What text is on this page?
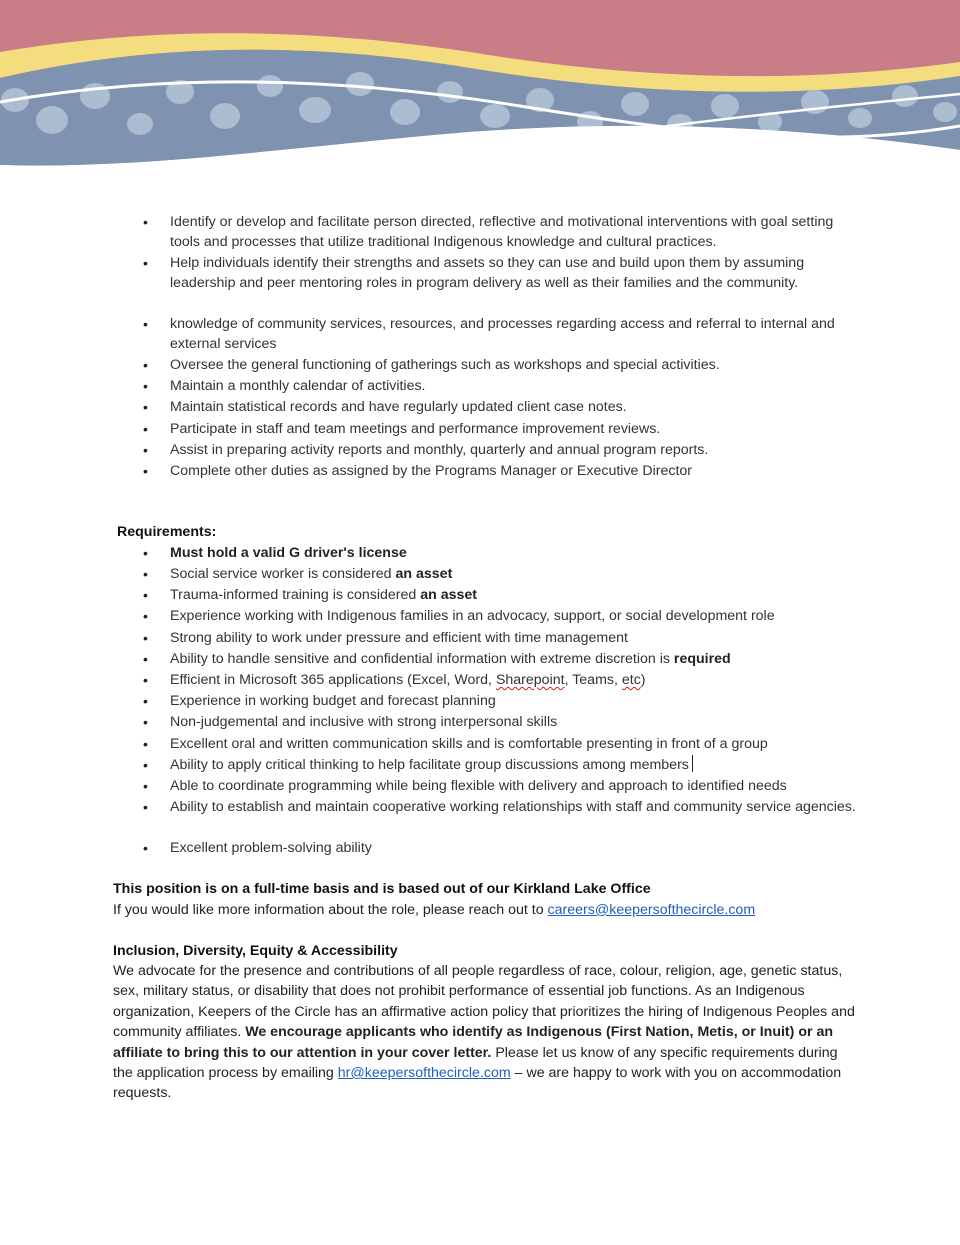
• Identify or develop and facilitate person directed, reflective and motivational interventions with goal setting tools and processes that utilize traditional Indigenous knowledge and cultural practices.
• Help individuals identify their strengths and assets so they can use and build upon them by assuming leadership and peer mentoring roles in program delivery as well as their families and the community.
• knowledge of community services, resources, and processes regarding access and referral to internal and external services
• Oversee the general functioning of gatherings such as workshops and special activities.
• Maintain a monthly calendar of activities.
• Maintain statistical records and have regularly updated client case notes.
• Participate in staff and team meetings and performance improvement reviews.
• Assist in preparing activity reports and monthly, quarterly and annual program reports.
• Complete other duties as assigned by the Programs Manager or Executive Director
Requirements:
• Must hold a valid G driver's license
• Social service worker is considered an asset
• Trauma-informed training is considered an asset
• Experience working with Indigenous families in an advocacy, support, or social development role
• Strong ability to work under pressure and efficient with time management
• Ability to handle sensitive and confidential information with extreme discretion is required
• Efficient in Microsoft 365 applications (Excel, Word, Sharepoint, Teams, etc)
• Experience in working budget and forecast planning
• Non-judgemental and inclusive with strong interpersonal skills
• Excellent oral and written communication skills and is comfortable presenting in front of a group
• Ability to apply critical thinking to help facilitate group discussions among members
• Able to coordinate programming while being flexible with delivery and approach to identified needs
• Ability to establish and maintain cooperative working relationships with staff and community service agencies.
• Excellent problem-solving ability
This position is on a full-time basis and is based out of our Kirkland Lake Office
If you would like more information about the role, please reach out to careers@keepersofthecircle.com
Inclusion, Diversity, Equity & Accessibility
We advocate for the presence and contributions of all people regardless of race, colour, religion, age, genetic status, sex, military status, or disability that does not prohibit performance of essential job functions. As an Indigenous organization, Keepers of the Circle has an affirmative action policy that prioritizes the hiring of Indigenous Peoples and community affiliates. We encourage applicants who identify as Indigenous (First Nation, Metis, or Inuit) or an affiliate to bring this to our attention in your cover letter. Please let us know of any specific requirements during the application process by emailing hr@keepersofthecircle.com – we are happy to work with you on accommodation requests.
